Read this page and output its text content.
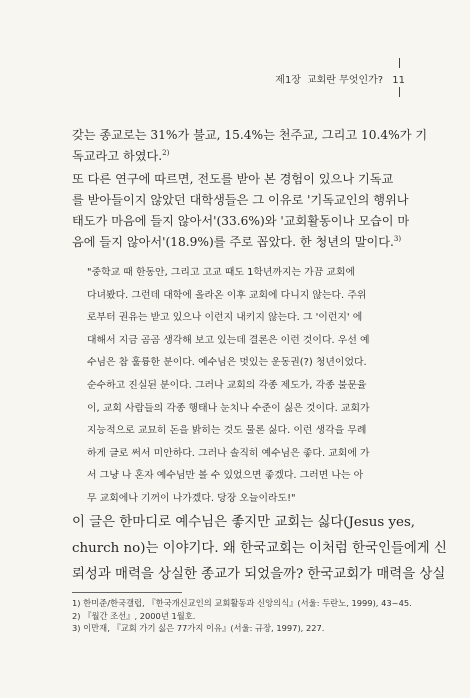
제1장 교회란 무엇인가? 11
갖는 종교로는 31%가 불교, 15.4%는 천주교, 그리고 10.4%가 기
독교라고 하였다.$^{2)}$
또 다른 연구에 따르면, 전도를 받아 본 경험이 있으나 기독교
를 받아들이지 않았던 대학생들은 그 이유로 '기독교인의 행위나
태도가 마음에 들지 않아서'(33.6%)와 '교회활동이나 모습이 마
음에 들지 않아서'(18.9%)를 주로 꼽았다. 한 청년의 말이다.$^{3)}$
"중학교 때 한동안, 그리고 고교 때도 1학년까지는 가끔 교회에
다녀봤다. 그런데 대학에 올라온 이후 교회에 다니지 않는다. 주위
로부터 권유는 받고 있으나 이런지 내키지 않는다. 그 '이런지' 에
대해서 지금 곰곰 생각해 보고 있는데 결론은 이런 것이다. 우선 예
수님은 참 훌륭한 분이다. 예수님은 멋있는 운동권(?) 청년이었다.
순수하고 진실된 분이다. 그러나 교회의 각종 제도가, 각종 불문율
이, 교회 사람들의 각종 행태나 눈치나 수준이 싫은 것이다. 교회가
지능적으로 교묘히 돈을 밝히는 것도 물론 싫다. 이런 생각을 무례
하게 글로 써서 미안하다. 그러나 솔직히 예수님은 좋다. 교회에 가
서 그냥 나 혼자 예수님만 볼 수 있었으면 좋겠다. 그러면 나는 아
무 교회에나 기꺼이 나가겠다. 당장 오늘이라도!"
이 글은 한마디로 예수님은 좋지만 교회는 싫다(Jesus yes,
church no)는 이야기다. 왜 한국교회는 이처럼 한국인들에게 신
뢰성과 매력을 상실한 종교가 되었을까? 한국교회가 매력을 상실
1) 한미준/한국갤럽, 『한국개신교인의 교회활동과 신앙의식』(서울: 두란노, 1999), 43~45.
2) 『월간 조선』, 2000년 1월호.
3) 이만재, 『교회 가기 싫은 77가지 이유』(서울: 규장, 1997), 227.
